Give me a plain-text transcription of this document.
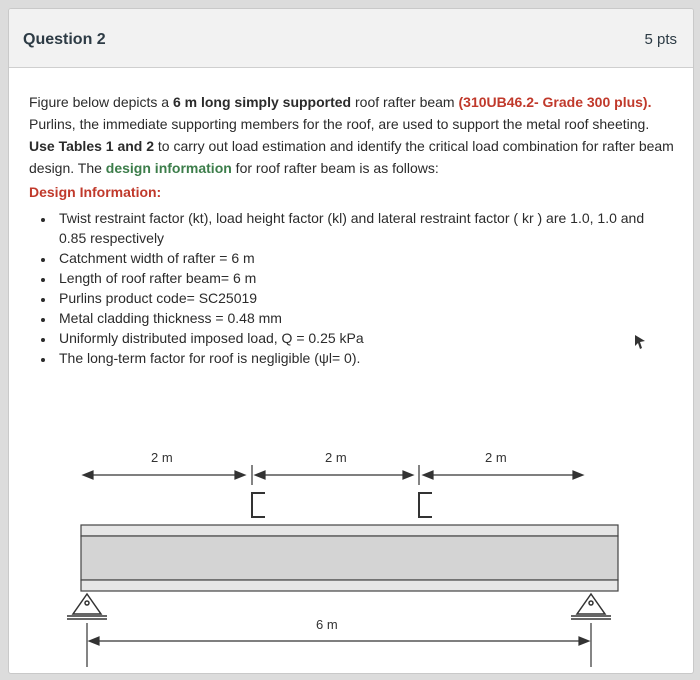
Question 2	5 pts

Figure below depicts a 6 m long simply supported roof rafter beam (310UB46.2- Grade 300 plus). Purlins, the immediate supporting members for the roof, are used to support the metal roof sheeting. Use Tables 1 and 2 to carry out load estimation and identify the critical load combination for rafter beam design. The design information for roof rafter beam is as follows:

Design Information:
• Twist restraint factor (kt), load height factor (kl) and lateral restraint factor ( kr ) are 1.0, 1.0 and 0.85 respectively
• Catchment width of rafter = 6 m
• Length of roof rafter beam= 6 m
• Purlins product code= SC25019
• Metal cladding thickness = 0.48 mm
• Uniformly distributed imposed load, Q = 0.25 kPa
• The long-term factor for roof is negligible (ψl= 0).
2 m	2 m	2 m
6 m
